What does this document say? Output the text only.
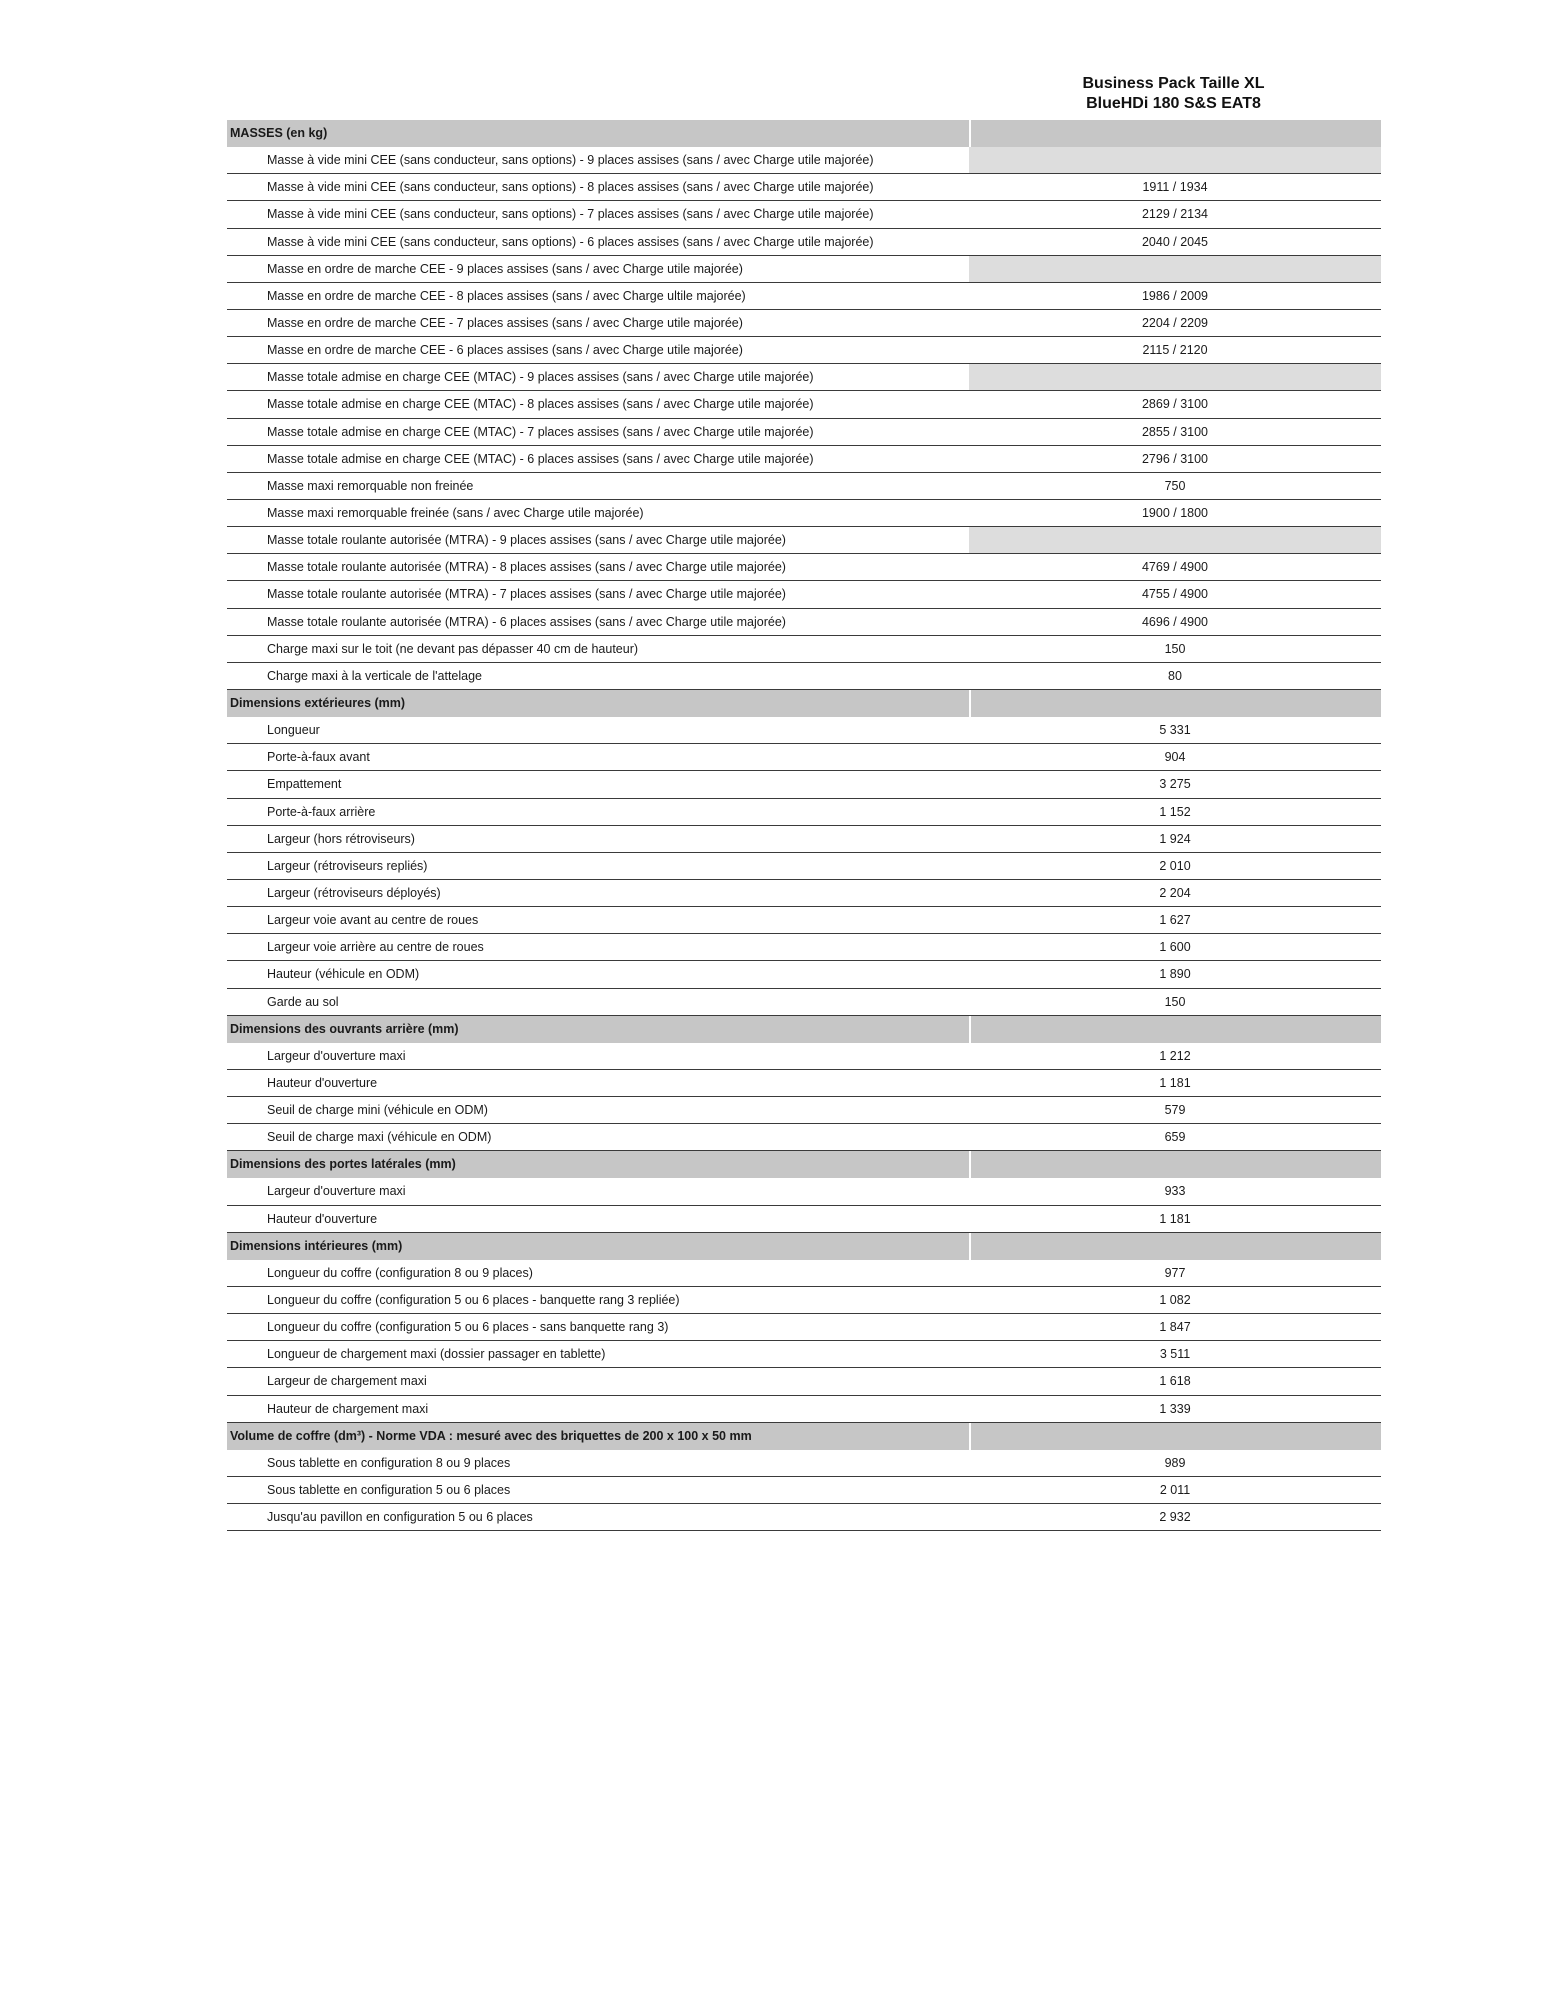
Business Pack Taille XL
BlueHDi 180 S&S EAT8
MASSES (en kg)
Masse à vide mini CEE (sans conducteur, sans options) - 9 places assises (sans / avec Charge utile majorée)
Masse à vide mini CEE (sans conducteur, sans options) - 8 places assises (sans / avec Charge utile majorée)	1911 / 1934
Masse à vide mini CEE (sans conducteur, sans options) - 7 places assises (sans / avec Charge utile majorée)	2129 / 2134
Masse à vide mini CEE (sans conducteur, sans options) - 6 places assises (sans / avec Charge utile majorée)	2040 / 2045
Masse en ordre de marche CEE - 9 places assises (sans / avec Charge utile majorée)
Masse en ordre de marche CEE - 8 places assises (sans / avec Charge ultile majorée)	1986 / 2009
Masse en ordre de marche CEE - 7 places assises (sans / avec Charge utile majorée)	2204 / 2209
Masse en ordre de marche CEE - 6 places assises (sans / avec Charge utile majorée)	2115 / 2120
Masse totale admise en charge CEE (MTAC) - 9 places assises (sans / avec Charge utile majorée)
Masse totale admise en charge CEE (MTAC) - 8 places assises (sans / avec Charge utile majorée)	2869 / 3100
Masse totale admise en charge CEE (MTAC) - 7 places assises (sans / avec Charge utile majorée)	2855 / 3100
Masse totale admise en charge CEE (MTAC) - 6 places assises (sans / avec Charge utile majorée)	2796 / 3100
Masse maxi remorquable non freinée	750
Masse maxi remorquable freinée (sans / avec Charge utile majorée)	1900 / 1800
Masse totale roulante autorisée (MTRA) - 9 places assises (sans / avec Charge utile majorée)
Masse totale roulante autorisée (MTRA) - 8 places assises (sans / avec Charge utile majorée)	4769 / 4900
Masse totale roulante autorisée (MTRA) - 7 places assises (sans / avec Charge utile majorée)	4755 / 4900
Masse totale roulante autorisée (MTRA) - 6 places assises (sans / avec Charge utile majorée)	4696 / 4900
Charge maxi sur le toit (ne devant pas dépasser 40 cm de hauteur)	150
Charge maxi à la verticale de l'attelage	80
Dimensions extérieures (mm)
Longueur	5 331
Porte-à-faux avant	904
Empattement	3 275
Porte-à-faux arrière	1 152
Largeur (hors rétroviseurs)	1 924
Largeur (rétroviseurs repliés)	2 010
Largeur (rétroviseurs déployés)	2 204
Largeur voie avant au centre de roues	1 627
Largeur voie arrière au centre de roues	1 600
Hauteur (véhicule en ODM)	1 890
Garde au sol	150
Dimensions des ouvrants arrière (mm)
Largeur d'ouverture maxi	1 212
Hauteur d'ouverture	1 181
Seuil de charge mini (véhicule en ODM)	579
Seuil de charge maxi (véhicule en ODM)	659
Dimensions des portes latérales (mm)
Largeur d'ouverture maxi	933
Hauteur d'ouverture	1 181
Dimensions intérieures (mm)
Longueur du coffre (configuration 8 ou 9 places)	977
Longueur du coffre (configuration 5 ou 6 places - banquette rang 3 repliée)	1 082
Longueur du coffre (configuration 5 ou 6 places - sans banquette rang 3)	1 847
Longueur de chargement maxi (dossier passager en tablette)	3 511
Largeur de chargement maxi	1 618
Hauteur de chargement maxi	1 339
Volume de coffre (dm³) - Norme VDA : mesuré avec des briquettes de 200 x 100 x 50 mm
Sous tablette en configuration 8 ou 9 places	989
Sous tablette en configuration 5 ou 6 places	2 011
Jusqu'au pavillon en configuration 5 ou 6 places	2 932
